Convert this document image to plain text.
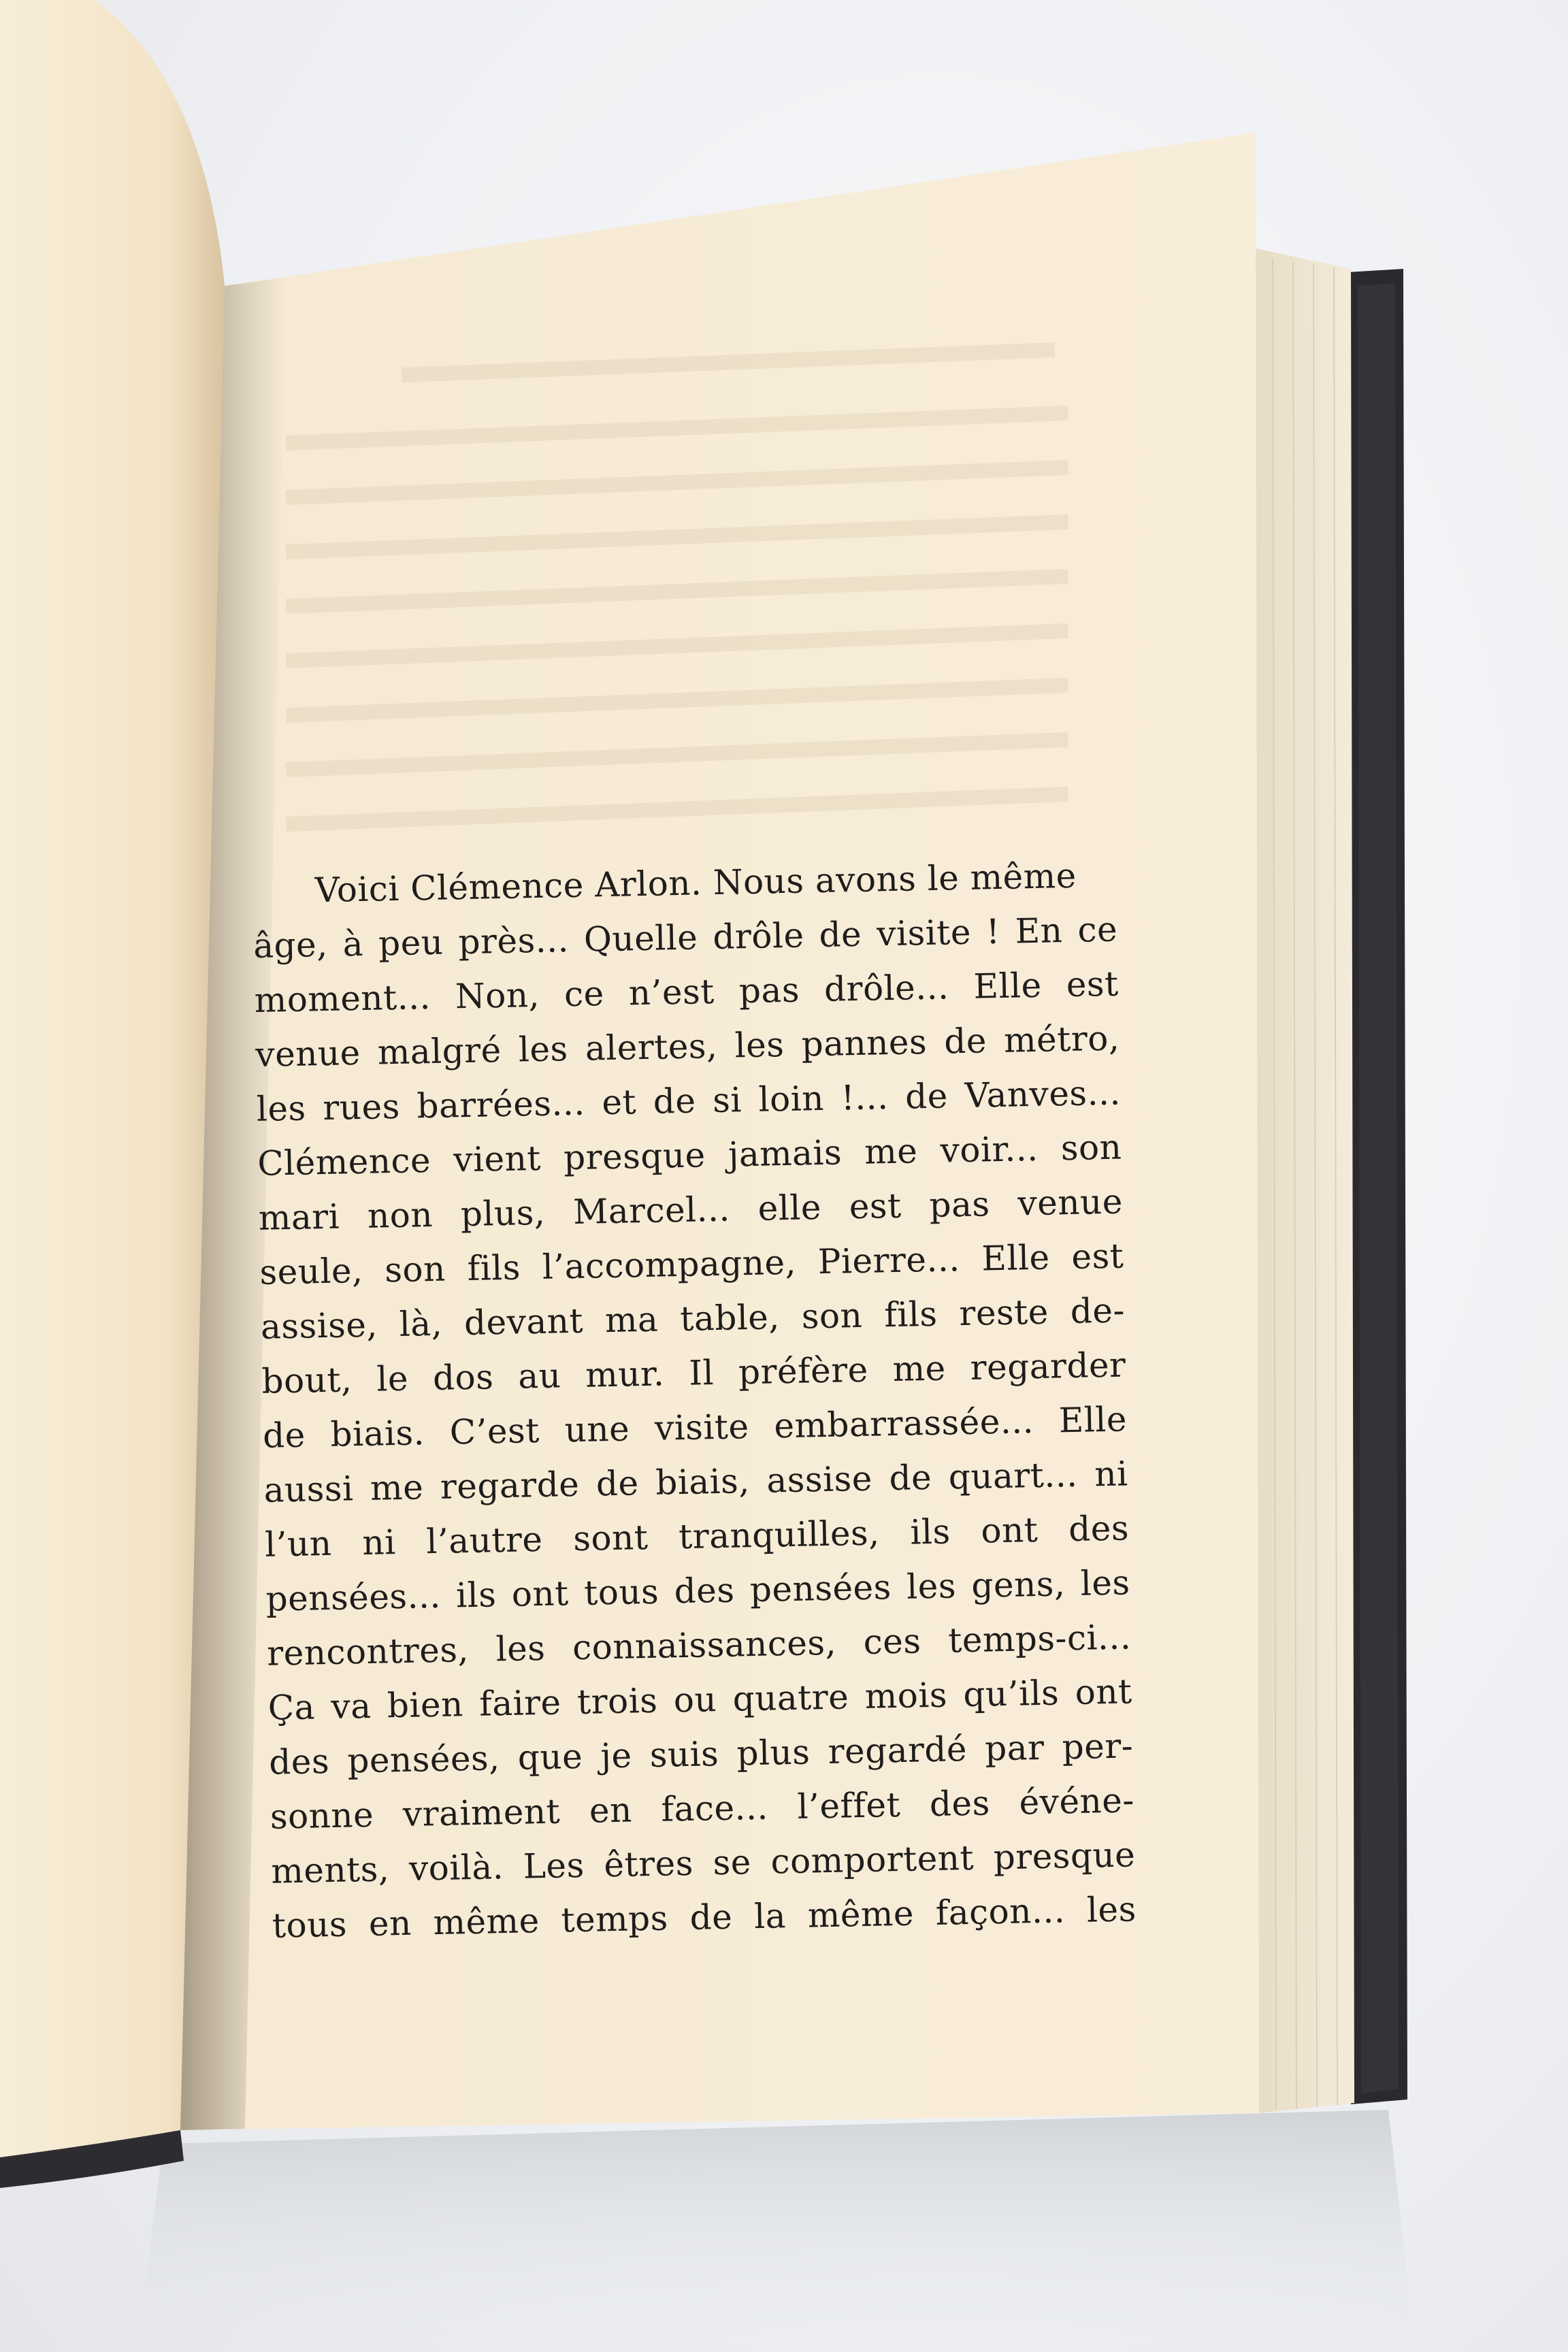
Voici Clémence Arlon. Nous avons le même
âge, à peu près... Quelle drôle de visite ! En ce
moment... Non, ce n’est pas drôle... Elle est
venue malgré les alertes, les pannes de métro,
les rues barrées... et de si loin !... de Vanves...
Clémence vient presque jamais me voir... son
mari non plus, Marcel... elle est pas venue
seule, son fils l’accompagne, Pierre... Elle est
assise, là, devant ma table, son fils reste de-
bout, le dos au mur. Il préfère me regarder
de biais. C’est une visite embarrassée... Elle
aussi me regarde de biais, assise de quart... ni
l’un ni l’autre sont tranquilles, ils ont des
pensées... ils ont tous des pensées les gens, les
rencontres, les connaissances, ces temps-ci...
Ça va bien faire trois ou quatre mois qu’ils ont
des pensées, que je suis plus regardé par per-
sonne vraiment en face... l’effet des événe-
ments, voilà. Les êtres se comportent presque
tous en même temps de la même façon... les
